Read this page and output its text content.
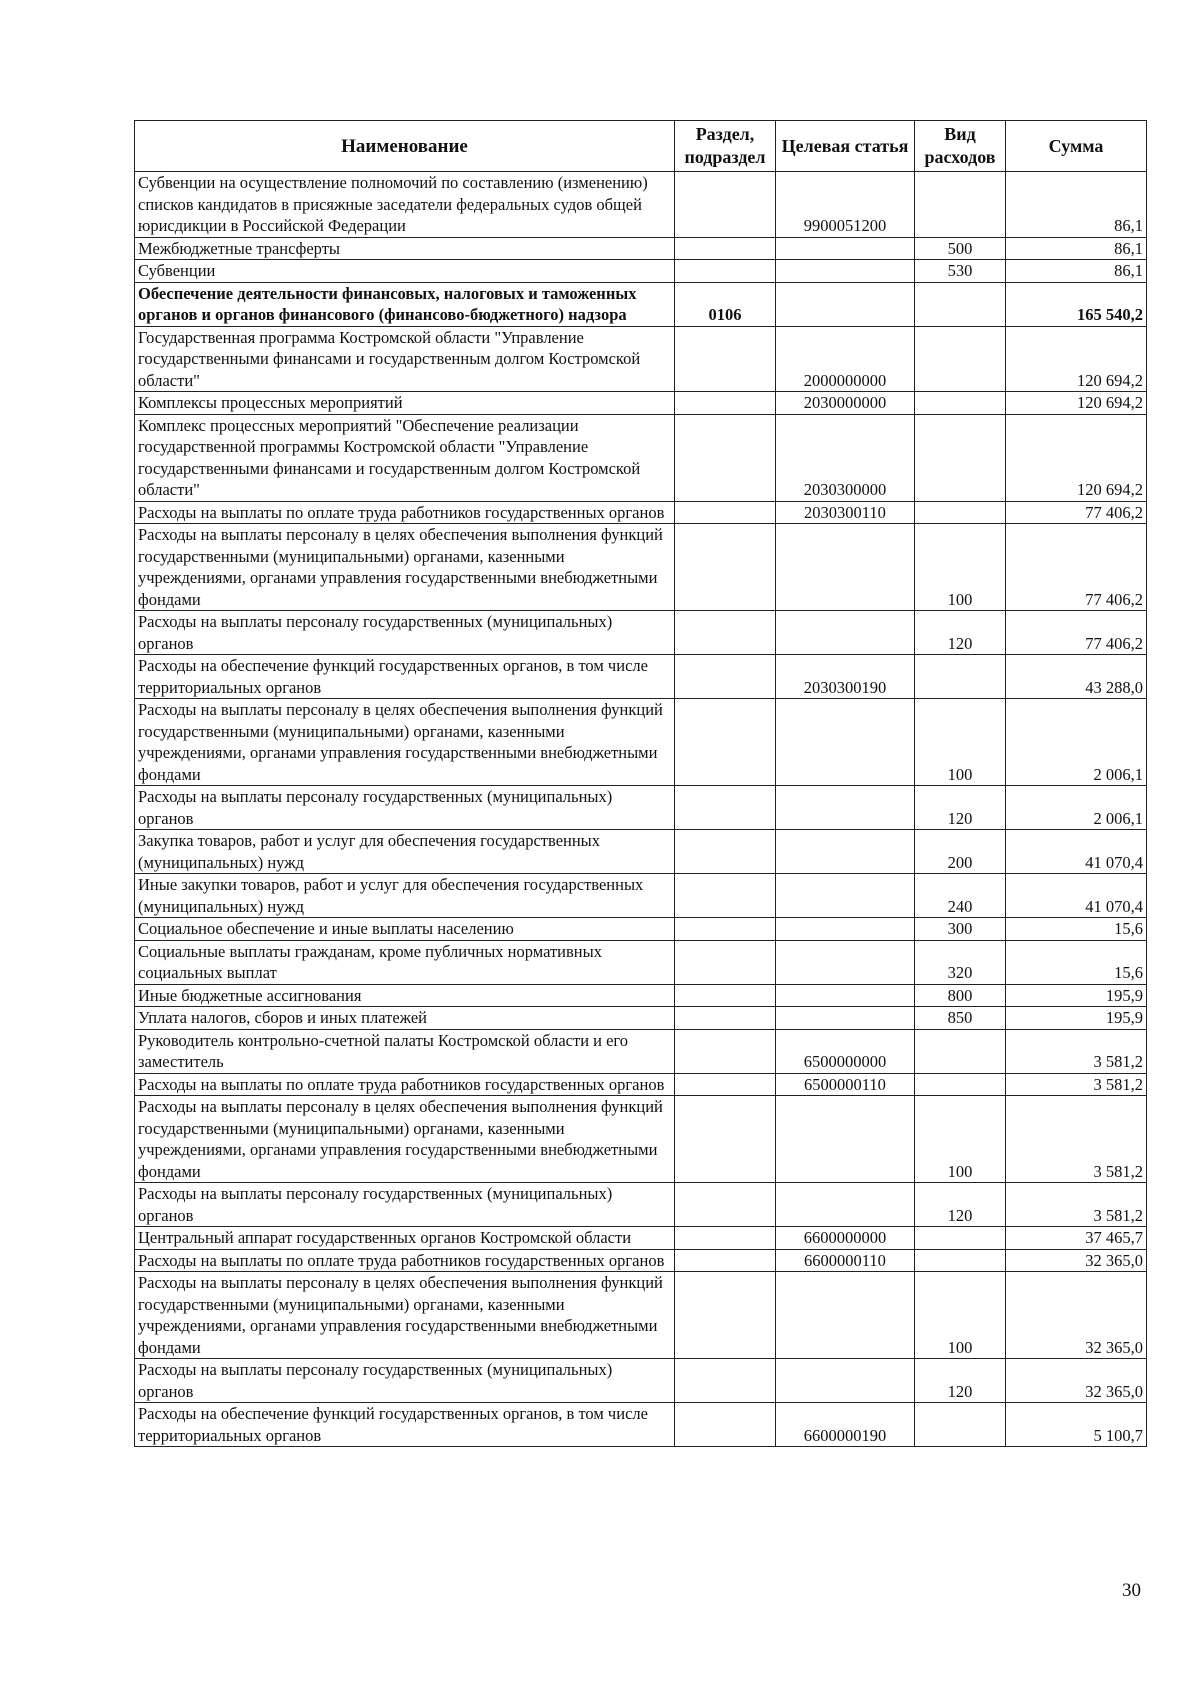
Наименование	Раздел, подраздел	Целевая статья	Вид расходов	Сумма
Субвенции на осуществление полномочий по составлению (изменению) списков кандидатов в присяжные заседатели федеральных судов общей юрисдикции в Российской Федерации		9900051200		86,1
Межбюджетные трансферты			500	86,1
Субвенции			530	86,1
Обеспечение деятельности финансовых, налоговых и таможенных органов и органов финансового (финансово-бюджетного) надзора	0106			165 540,2
Государственная программа Костромской области "Управление государственными финансами и государственным долгом Костромской области"		2000000000		120 694,2
Комплексы процессных мероприятий		2030000000		120 694,2
Комплекс процессных мероприятий "Обеспечение реализации государственной программы Костромской области "Управление государственными финансами и государственным долгом Костромской области"		2030300000		120 694,2
Расходы на выплаты по оплате труда работников государственных органов		2030300110		77 406,2
Расходы на выплаты персоналу в целях обеспечения выполнения функций государственными (муниципальными) органами, казенными учреждениями, органами управления государственными внебюджетными фондами			100	77 406,2
Расходы на выплаты персоналу государственных (муниципальных) органов			120	77 406,2
Расходы на обеспечение функций государственных органов, в том числе территориальных органов		2030300190		43 288,0
Расходы на выплаты персоналу в целях обеспечения выполнения функций государственными (муниципальными) органами, казенными учреждениями, органами управления государственными внебюджетными фондами			100	2 006,1
Расходы на выплаты персоналу государственных (муниципальных) органов			120	2 006,1
Закупка товаров, работ и услуг для обеспечения государственных (муниципальных) нужд			200	41 070,4
Иные закупки товаров, работ и услуг для обеспечения государственных (муниципальных) нужд			240	41 070,4
Социальное обеспечение и иные выплаты населению			300	15,6
Социальные выплаты гражданам, кроме публичных нормативных социальных выплат			320	15,6
Иные бюджетные ассигнования			800	195,9
Уплата налогов, сборов и иных платежей			850	195,9
Руководитель контрольно-счетной палаты Костромской области и его заместитель		6500000000		3 581,2
Расходы на выплаты по оплате труда работников государственных органов		6500000110		3 581,2
Расходы на выплаты персоналу в целях обеспечения выполнения функций государственными (муниципальными) органами, казенными учреждениями, органами управления государственными внебюджетными фондами			100	3 581,2
Расходы на выплаты персоналу государственных (муниципальных) органов			120	3 581,2
Центральный аппарат государственных органов Костромской области		6600000000		37 465,7
Расходы на выплаты по оплате труда работников государственных органов		6600000110		32 365,0
Расходы на выплаты персоналу в целях обеспечения выполнения функций государственными (муниципальными) органами, казенными учреждениями, органами управления государственными внебюджетными фондами			100	32 365,0
Расходы на выплаты персоналу государственных (муниципальных) органов			120	32 365,0
Расходы на обеспечение функций государственных органов, в том числе территориальных органов		6600000190		5 100,7
30
